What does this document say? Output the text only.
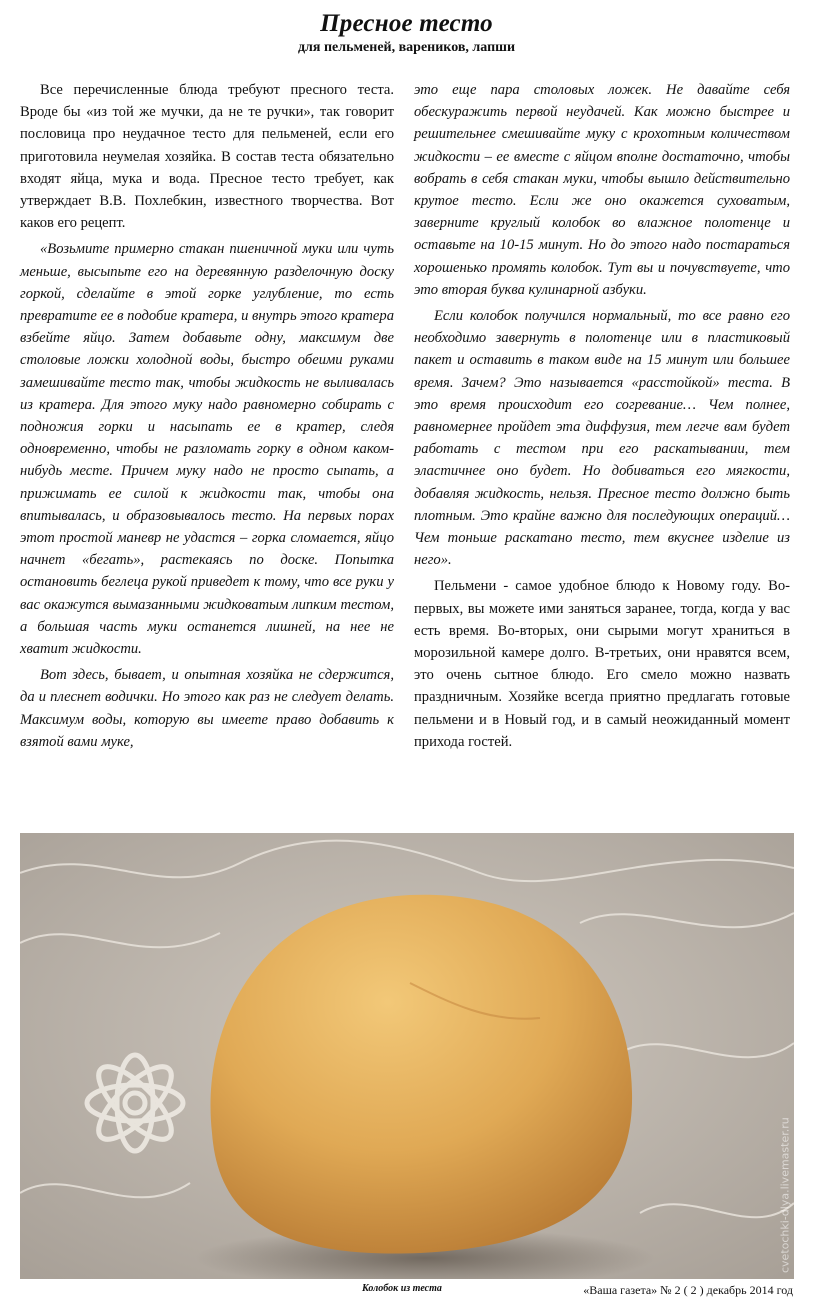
Пресное тесто
для пельменей, вареников, лапши

Все перечисленные блюда требуют пресного теста. Вроде бы «из той же мучки, да не те ручки», так говорит пословица про неудачное тесто для пельменей, если его приготовила неумелая хозяйка. В состав теста обязательно входят яйца, мука и вода. Пресное тесто требует, как утверждает В.В. Похлебкин, известного творчества. Вот каков его рецепт.

«Возьмите примерно стакан пшеничной муки или чуть меньше, высыпьте его на деревянную разделочную доску горкой, сделайте в этой горке углубление, то есть превратите ее в подобие кратера, и внутрь этого кратера взбейте яйцо. Затем добавьте одну, максимум две столовые ложки холодной воды, быстро обеими руками замешивайте тесто так, чтобы жидкость не выливалась из кратера. Для этого муку надо равномерно собирать с подножия горки и насыпать ее в кратер, следя одновременно, чтобы не разломать горку в одном каком-нибудь месте. Причем муку надо не просто сыпать, а прижимать ее силой к жидкости так, чтобы она впитывалась, и образовывалось тесто. На первых порах этот простой маневр не удастся – горка сломается, яйцо начнет «бегать», растекаясь по доске. Попытка остановить беглеца рукой приведет к тому, что все руки у вас окажутся вымазанными жидковатым липким тестом, а большая часть муки останется лишней, на нее не хватит жидкости.

Вот здесь, бывает, и опытная хозяйка не сдержится, да и плеснет водички. Но этого как раз не следует делать. Максимум воды, которую вы имеете право добавить к взятой вами муке,

это еще пара столовых ложек. Не давайте себя обескуражить первой неудачей. Как можно быстрее и решительнее смешивайте муку с крохотным количеством жидкости – ее вместе с яйцом вполне достаточно, чтобы вобрать в себя стакан муки, чтобы вышло действительно крутое тесто. Если же оно окажется суховатым, заверните круглый колобок во влажное полотенце и оставьте на 10-15 минут. Но до этого надо постараться хорошенько промять колобок. Тут вы и почувствуете, что это вторая буква кулинарной азбуки.

Если колобок получился нормальный, то все равно его необходимо завернуть в полотенце или в пластиковый пакет и оставить в таком виде на 15 минут или большее время. Зачем? Это называется «расстойкой» теста. В это время происходит его согревание… Чем полнее, равномернее пройдет эта диффузия, тем легче вам будет работать с тестом при его раскатывании, тем эластичнее оно будет. Но добиваться его мягкости, добавляя жидкость, нельзя. Пресное тесто должно быть плотным. Это крайне важно для последующих операций… Чем тоньше раскатано тесто, тем вкуснее изделие из него».

Пельмени - самое удобное блюдо к Новому году. Во-первых, вы можете ими заняться заранее, тогда, когда у вас есть время. Во-вторых, они сырыми могут храниться в морозильной камере долго. В-третьих, они нравятся всем, это очень сытное блюдо. Его смело можно назвать праздничным. Хозяйке всегда приятно предлагать готовые пельмени и в Новый год, и в самый неожиданный момент прихода гостей.

cvetochki-dlya.livemaster.ru
Колобок из теста	«Ваша газета» № 2 ( 2 ) декабрь 2014 год
